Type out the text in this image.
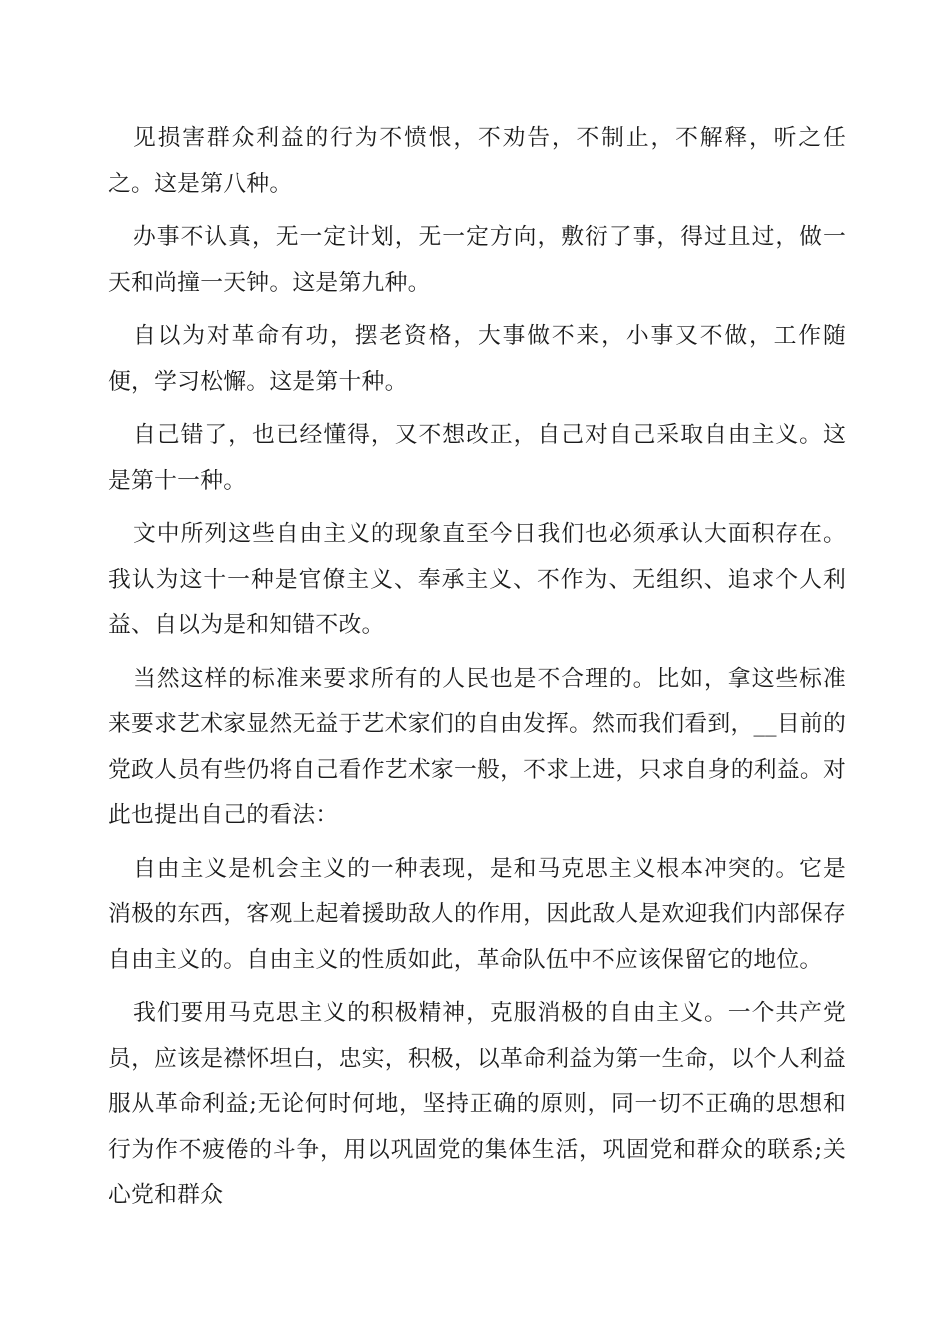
见损害群众利益的行为不愤恨，不劝告，不制止，不解释，听之任之。这是第八种。

办事不认真，无一定计划，无一定方向，敷衍了事，得过且过，做一天和尚撞一天钟。这是第九种。

自以为对革命有功，摆老资格，大事做不来，小事又不做，工作随便，学习松懈。这是第十种。

自己错了，也已经懂得，又不想改正，自己对自己采取自由主义。这是第十一种。

文中所列这些自由主义的现象直至今日我们也必须承认大面积存在。我认为这十一种是官僚主义、奉承主义、不作为、无组织、追求个人利益、自以为是和知错不改。

当然这样的标准来要求所有的人民也是不合理的。比如，拿这些标准来要求艺术家显然无益于艺术家们的自由发挥。然而我们看到，__目前的党政人员有些仍将自己看作艺术家一般，不求上进，只求自身的利益。对此也提出自己的看法：

自由主义是机会主义的一种表现，是和马克思主义根本冲突的。它是消极的东西，客观上起着援助敌人的作用，因此敌人是欢迎我们内部保存自由主义的。自由主义的性质如此，革命队伍中不应该保留它的地位。

我们要用马克思主义的积极精神，克服消极的自由主义。一个共产党员，应该是襟怀坦白，忠实，积极，以革命利益为第一生命，以个人利益服从革命利益;无论何时何地，坚持正确的原则，同一切不正确的思想和行为作不疲倦的斗争，用以巩固党的集体生活，巩固党和群众的联系;关心党和群众
